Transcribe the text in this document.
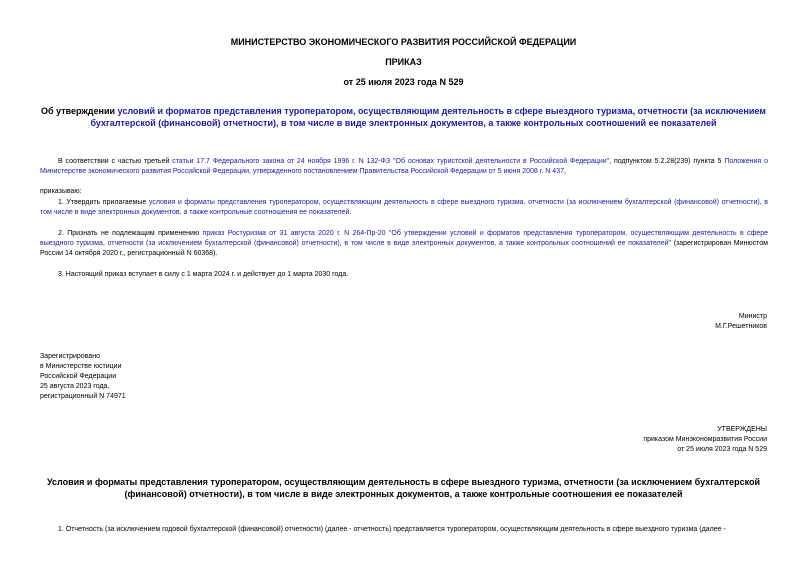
МИНИСТЕРСТВО ЭКОНОМИЧЕСКОГО РАЗВИТИЯ РОССИЙСКОЙ ФЕДЕРАЦИИ
ПРИКАЗ
от 25 июля 2023 года N 529
Об утверждении условий и форматов представления туроператором, осуществляющим деятельность в сфере выездного туризма, отчетности (за исключением
бухгалтерской (финансовой) отчетности), в том числе в виде электронных документов, а также контрольных соотношений ее показателей
В соответствии с частью третьей статьи 17.7 Федерального закона от 24 ноября 1996 г. N 132-ФЗ "Об основах туристской деятельности в Российской Федерации", подпунктом 5.2.28(239) пункта 5 Положения о Министерстве экономического развития Российской Федерации, утвержденного постановлением Правительства Российской Федерации от 5 июня 2008 г. N 437,
приказываю:
1. Утвердить прилагаемые условия и форматы представления туроператором, осуществляющим деятельность в сфере выездного туризма, отчетности (за исключением бухгалтерской (финансовой) отчетности), в том числе в виде электронных документов, а также контрольные соотношения ее показателей.
2. Признать не подлежащим применению приказ Ростуризма от 31 августа 2020 г. N 264-Пр-20 "Об утверждении условий и форматов представления туроператором, осуществляющим деятельность в сфере выездного туризма, отчетности (за исключением бухгалтерской (финансовой) отчетности), в том числе в виде электронных документов, а также контрольных соотношений ее показателей" (зарегистрирован Минюстом России 14 октября 2020 г., регистрационный N 60368).
3. Настоящий приказ вступает в силу с 1 марта 2024 г. и действует до 1 марта 2030 года.
Министр
М.Г.Решетников
Зарегистрировано
в Министерстве юстиции
Российской Федерации
25 августа 2023 года,
регистрационный N 74971
УТВЕРЖДЕНЫ
приказом Минэкономразвития России
от 25 июля 2023 года N 529
Условия и форматы представления туроператором, осуществляющим деятельность в сфере выездного туризма, отчетности (за исключением бухгалтерской
(финансовой) отчетности), в том числе в виде электронных документов, а также контрольные соотношения ее показателей
1. Отчетность (за исключением годовой бухгалтерской (финансовой) отчетности) (далее - отчетность) представляется туроператором, осуществляющим деятельность в сфере выездного туризма (далее -
